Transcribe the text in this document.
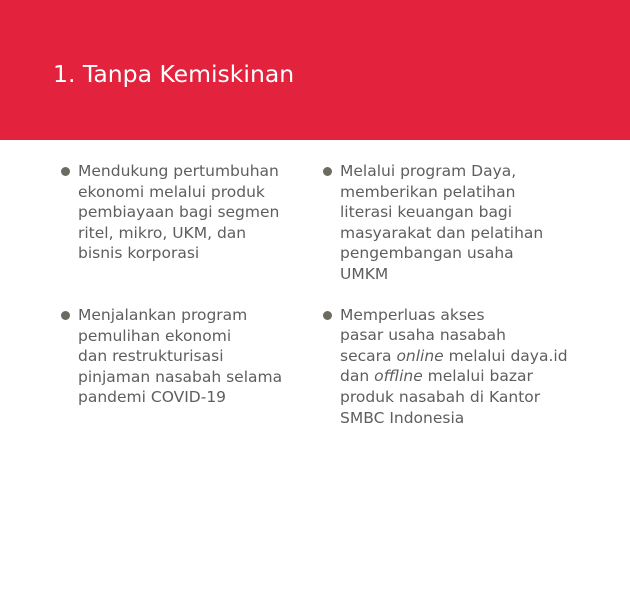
1. Tanpa Kemiskinan
Mendukung pertumbuhan
ekonomi melalui produk
pembiayaan bagi segmen
ritel, mikro, UKM, dan
bisnis korporasi
Menjalankan program
pemulihan ekonomi
dan restrukturisasi
pinjaman nasabah selama
pandemi COVID-19
Melalui program Daya,
memberikan pelatihan
literasi keuangan bagi
masyarakat dan pelatihan
pengembangan usaha
UMKM
Memperluas akses
pasar usaha nasabah
secara online melalui daya.id
dan offline melalui bazar
produk nasabah di Kantor
SMBC Indonesia
